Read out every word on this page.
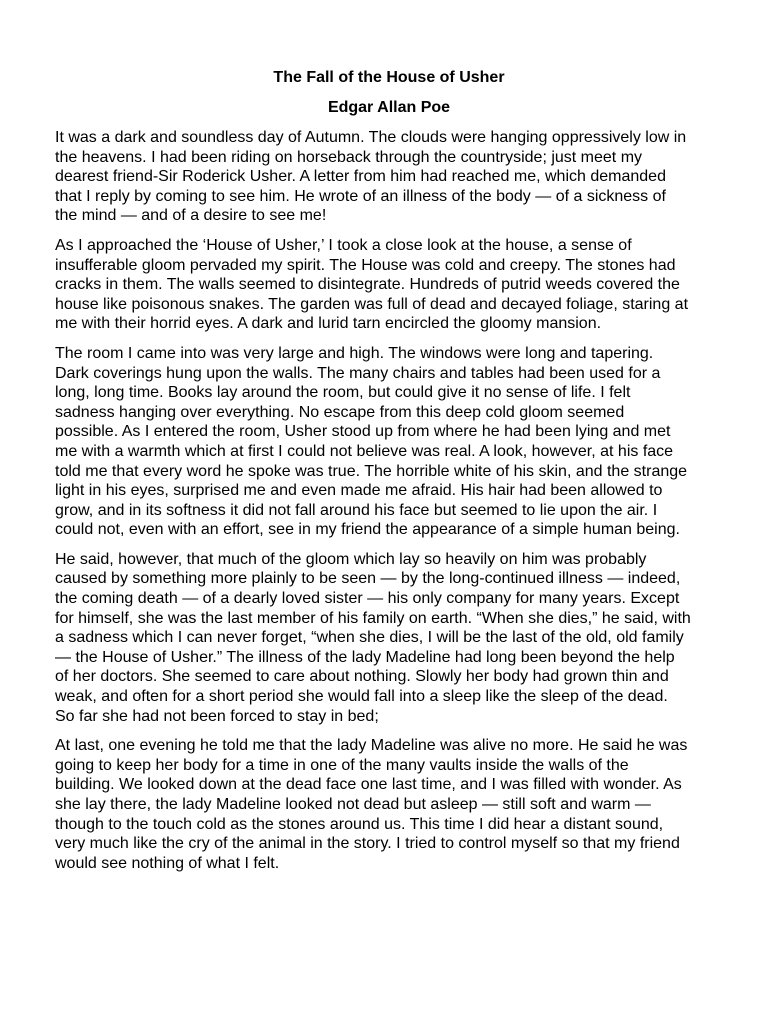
The Fall of the House of Usher
Edgar Allan Poe

It was a dark and soundless day of Autumn. The clouds were hanging oppressively low in
the heavens. I had been riding on horseback through the countryside; just meet my
dearest friend-Sir Roderick Usher. A letter from him had reached me, which demanded
that I reply by coming to see him. He wrote of an illness of the body — of a sickness of
the mind — and of a desire to see me!

As I approached the ‘House of Usher,’ I took a close look at the house, a sense of
insufferable gloom pervaded my spirit. The House was cold and creepy. The stones had
cracks in them. The walls seemed to disintegrate. Hundreds of putrid weeds covered the
house like poisonous snakes. The garden was full of dead and decayed foliage, staring at
me with their horrid eyes. A dark and lurid tarn encircled the gloomy mansion.

The room I came into was very large and high. The windows were long and tapering.
Dark coverings hung upon the walls. The many chairs and tables had been used for a
long, long time. Books lay around the room, but could give it no sense of life. I felt
sadness hanging over everything. No escape from this deep cold gloom seemed
possible. As I entered the room, Usher stood up from where he had been lying and met
me with a warmth which at first I could not believe was real. A look, however, at his face
told me that every word he spoke was true. The horrible white of his skin, and the strange
light in his eyes, surprised me and even made me afraid. His hair had been allowed to
grow, and in its softness it did not fall around his face but seemed to lie upon the air. I
could not, even with an effort, see in my friend the appearance of a simple human being.

He said, however, that much of the gloom which lay so heavily on him was probably
caused by something more plainly to be seen — by the long-continued illness — indeed,
the coming death — of a dearly loved sister — his only company for many years. Except
for himself, she was the last member of his family on earth. “When she dies,” he said, with
a sadness which I can never forget, “when she dies, I will be the last of the old, old family
— the House of Usher.” The illness of the lady Madeline had long been beyond the help
of her doctors. She seemed to care about nothing. Slowly her body had grown thin and
weak, and often for a short period she would fall into a sleep like the sleep of the dead.
So far she had not been forced to stay in bed;

At last, one evening he told me that the lady Madeline was alive no more. He said he was
going to keep her body for a time in one of the many vaults inside the walls of the
building. We looked down at the dead face one last time, and I was filled with wonder. As
she lay there, the lady Madeline looked not dead but asleep — still soft and warm —
though to the touch cold as the stones around us. This time I did hear a distant sound,
very much like the cry of the animal in the story. I tried to control myself so that my friend
would see nothing of what I felt.
